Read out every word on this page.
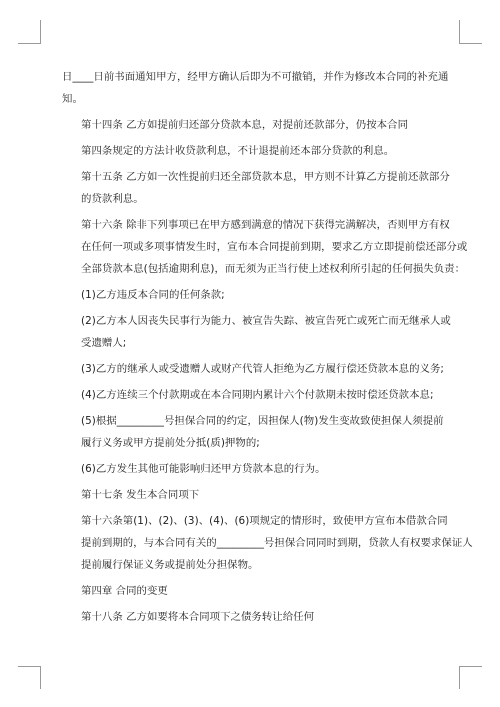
日____日前书面通知甲方，经甲方确认后即为不可撤销，并作为修改本合同的补充通
知。

第十四条 乙方如提前归还部分贷款本息，对提前还款部分，仍按本合同

第四条规定的方法计收贷款利息，不计退提前还本部分贷款的利息。

第十五条 乙方如一次性提前归还全部贷款本息，甲方则不计算乙方提前还款部分
的贷款利息。

第十六条 除非下列事项已在甲方感到满意的情况下获得完满解决，否则甲方有权
在任何一项或多项事情发生时，宣布本合同提前到期，要求乙方立即提前偿还部分或
全部贷款本息(包括逾期利息)，而无须为正当行使上述权利所引起的任何损失负责：

(1)乙方违反本合同的任何条款;

(2)乙方本人因丧失民事行为能力、被宣告失踪、被宣告死亡或死亡而无继承人或
受遗赠人;

(3)乙方的继承人或受遗赠人或财产代管人拒绝为乙方履行偿还贷款本息的义务;

(4)乙方连续三个付款期或在本合同期内累计六个付款期未按时偿还贷款本息;

(5)根据_________号担保合同的约定，因担保人(物)发生变故致使担保人须提前
履行义务或甲方提前处分抵(质)押物的;

(6)乙方发生其他可能影响归还甲方贷款本息的行为。

第十七条 发生本合同项下

第十六条第(1)、(2)、(3)、(4)、(6)项规定的情形时，致使甲方宣布本借款合同
提前到期的，与本合同有关的_________号担保合同同时到期，贷款人有权要求保证人
提前履行保证义务或提前处分担保物。

第四章 合同的变更

第十八条 乙方如要将本合同项下之债务转让给任何
